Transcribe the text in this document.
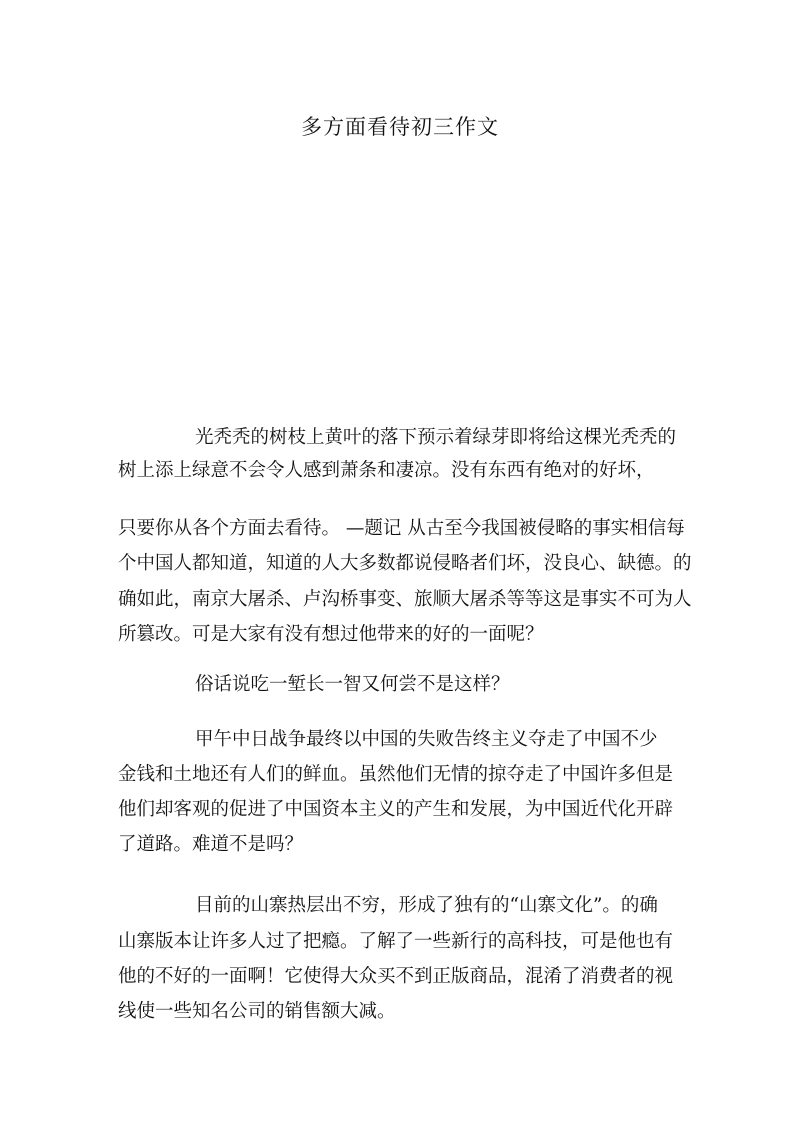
多方面看待初三作文
光秃秃的树枝上黄叶的落下预示着绿芽即将给这棵光秃秃的
树上添上绿意不会令人感到萧条和凄凉。没有东西有绝对的好坏，
只要你从各个方面去看待。 —题记 从古至今我国被侵略的事实相信每
个中国人都知道，知道的人大多数都说侵略者们坏，没良心、缺德。的
确如此，南京大屠杀、卢沟桥事变、旅顺大屠杀等等这是事实不可为人
所篡改。可是大家有没有想过他带来的好的一面呢？
俗话说吃一堑长一智又何尝不是这样？
甲午中日战争最终以中国的失败告终主义夺走了中国不少
金钱和土地还有人们的鲜血。虽然他们无情的掠夺走了中国许多但是
他们却客观的促进了中国资本主义的产生和发展，为中国近代化开辟
了道路。难道不是吗？
目前的山寨热层出不穷，形成了独有的“山寨文化”。的确
山寨版本让许多人过了把瘾。了解了一些新行的高科技，可是他也有
他的不好的一面啊！它使得大众买不到正版商品，混淆了消费者的视
线使一些知名公司的销售额大减。
